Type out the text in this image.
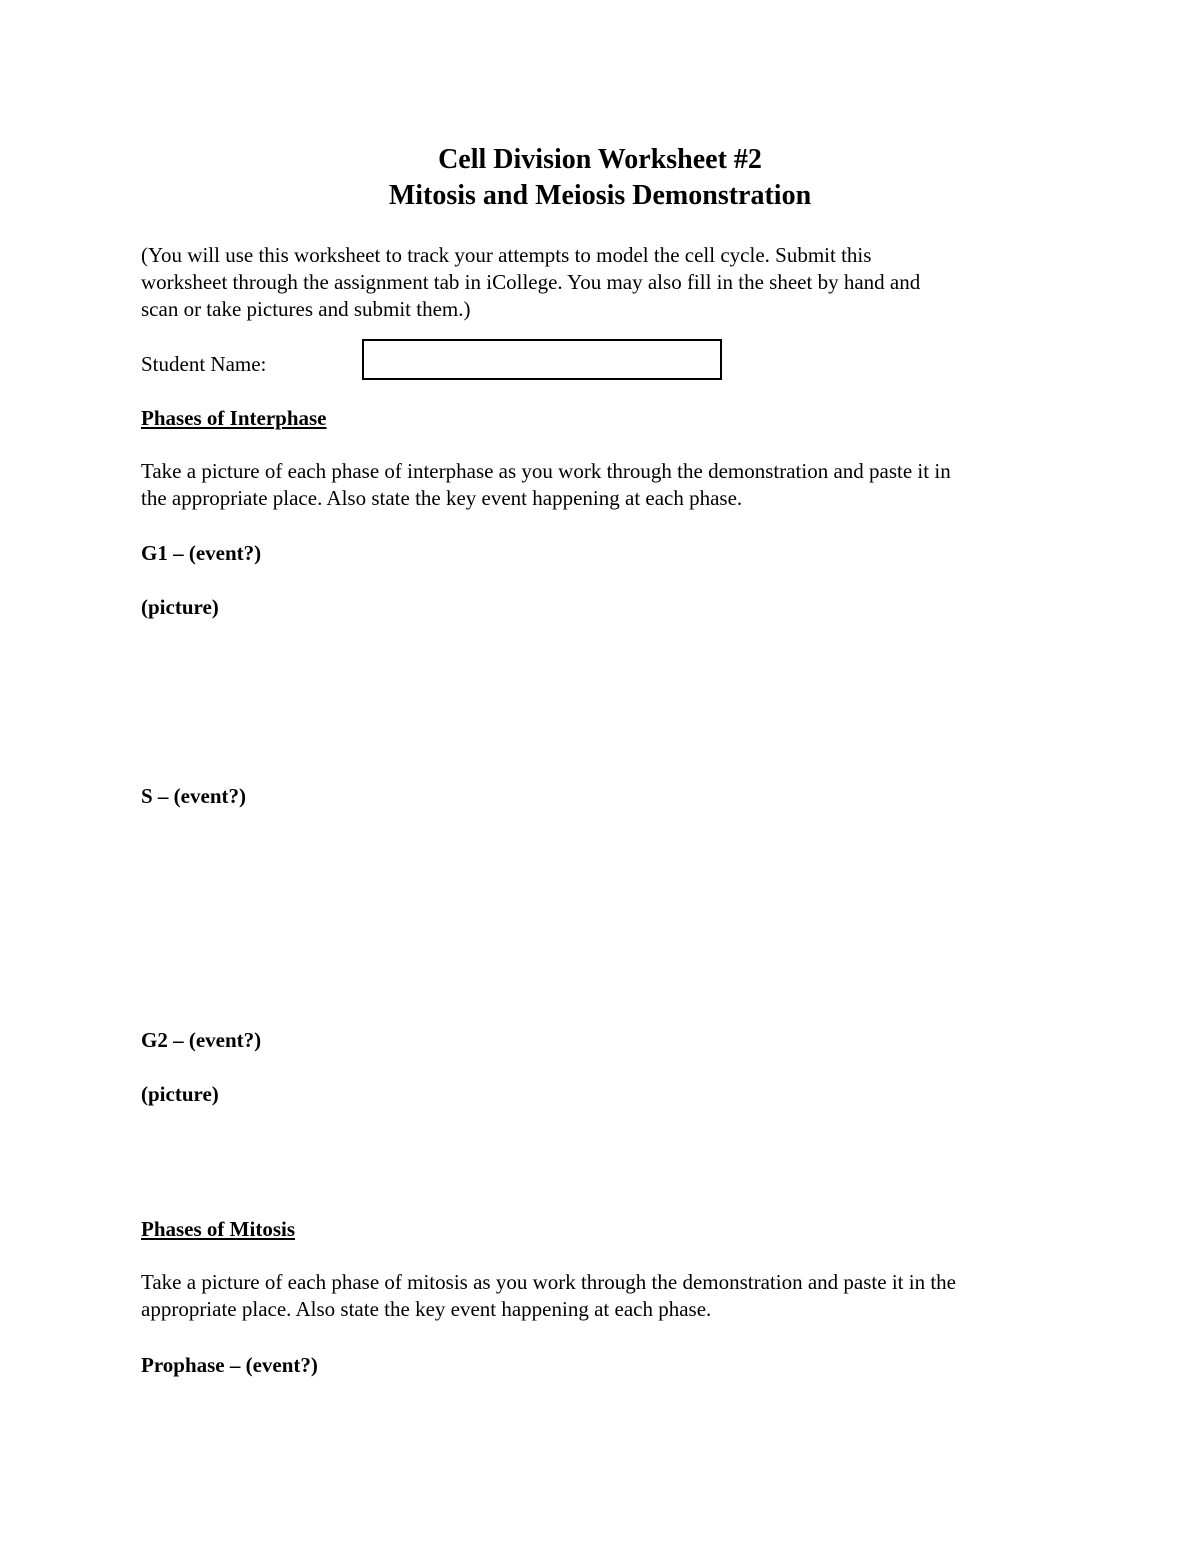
Cell Division Worksheet #2
Mitosis and Meiosis Demonstration
(You will use this worksheet to track your attempts to model the cell cycle. Submit this
worksheet through the assignment tab in iCollege. You may also fill in the sheet by hand and
scan or take pictures and submit them.)
Student Name:
Phases of Interphase
Take a picture of each phase of interphase as you work through the demonstration and paste it in
the appropriate place. Also state the key event happening at each phase.
G1 – (event?)
(picture)
S – (event?)
G2 – (event?)
(picture)
Phases of Mitosis
Take a picture of each phase of mitosis as you work through the demonstration and paste it in the
appropriate place. Also state the key event happening at each phase.
Prophase – (event?)
